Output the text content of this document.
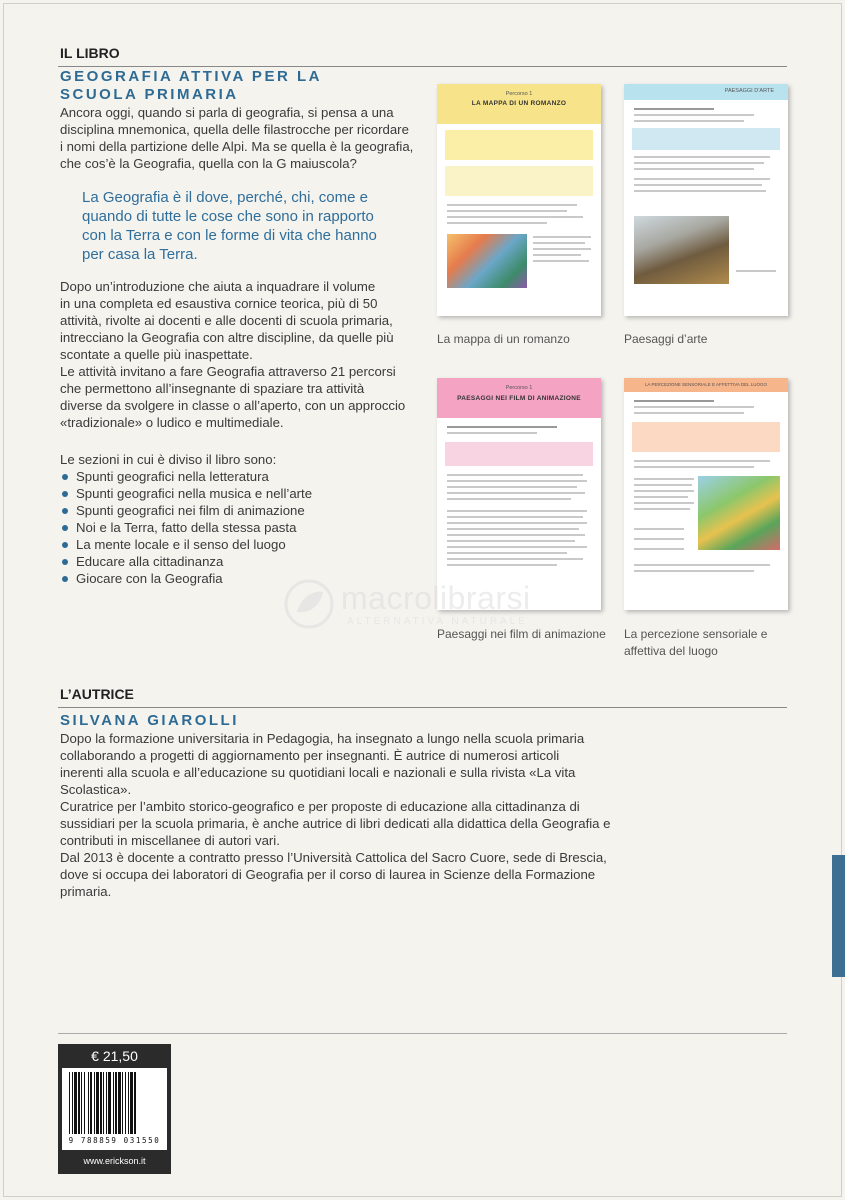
IL LIBRO
GEOGRAFIA ATTIVA PER LA
SCUOLA PRIMARIA

Ancora oggi, quando si parla di geografia, si pensa a una

disciplina mnemonica, quella delle filastrocche per ricordare

i nomi della partizione delle Alpi. Ma se quella è la geografia,

che cos’è la Geografia, quella con la G maiuscola?

La Geografia è il dove, perché, chi, come e
quando di tutte le cose che sono in rapporto
con la Terra e con le forme di vita che hanno
per casa la Terra.

Dopo un’introduzione che aiuta a inquadrare il volume

in una completa ed esaustiva cornice teorica, più di 50

attività, rivolte ai docenti e alle docenti di scuola primaria,

intrecciano la Geografia con altre discipline, da quelle più

scontate a quelle più inaspettate.

Le attività invitano a fare Geografia attraverso 21 percorsi

che permettono all’insegnante di spaziare tra attività

diverse da svolgere in classe o all’aperto, con un approccio

«tradizionale» o ludico e multimediale.

Le sezioni in cui è diviso il libro sono:
Spunti geografici nella letteratura
Spunti geografici nella musica e nell’arte
Spunti geografici nei film di animazione
Noi e la Terra, fatto della stessa pasta
La mente locale e il senso del luogo
Educare alla cittadinanza
Giocare con la Geografia
Percorso 1
LA MAPPA DI UN ROMANZO
La mappa di un romanzo
PAESAGGI D’ARTE
Paesaggi d’arte
Percorso 1
PAESAGGI NEI FILM DI ANIMAZIONE
Paesaggi nei film di animazione
LA PERCEZIONE SENSORIALE E AFFETTIVA DEL LUOGO
La percezione sensoriale e
affettiva del luogo
macrolibrarsi
ALTERNATIVA NATURALE
L’AUTRICE
SILVANA GIAROLLI

Dopo la formazione universitaria in Pedagogia, ha insegnato a lungo nella scuola primaria

collaborando a progetti di aggiornamento per insegnanti. È autrice di numerosi articoli

inerenti alla scuola e all’educazione su quotidiani locali e nazionali e sulla rivista «La vita

Scolastica».

Curatrice per l’ambito storico-geografico e per proposte di educazione alla cittadinanza di

sussidiari per la scuola primaria, è anche autrice di libri dedicati alla didattica della Geografia e

contributi in miscellanee di autori vari.

Dal 2013 è docente a contratto presso l’Università Cattolica del Sacro Cuore, sede di Brescia,

dove si occupa dei laboratori di Geografia per il corso di laurea in Scienze della Formazione

primaria.

€ 21,50
9 788859 031550
www.erickson.it
